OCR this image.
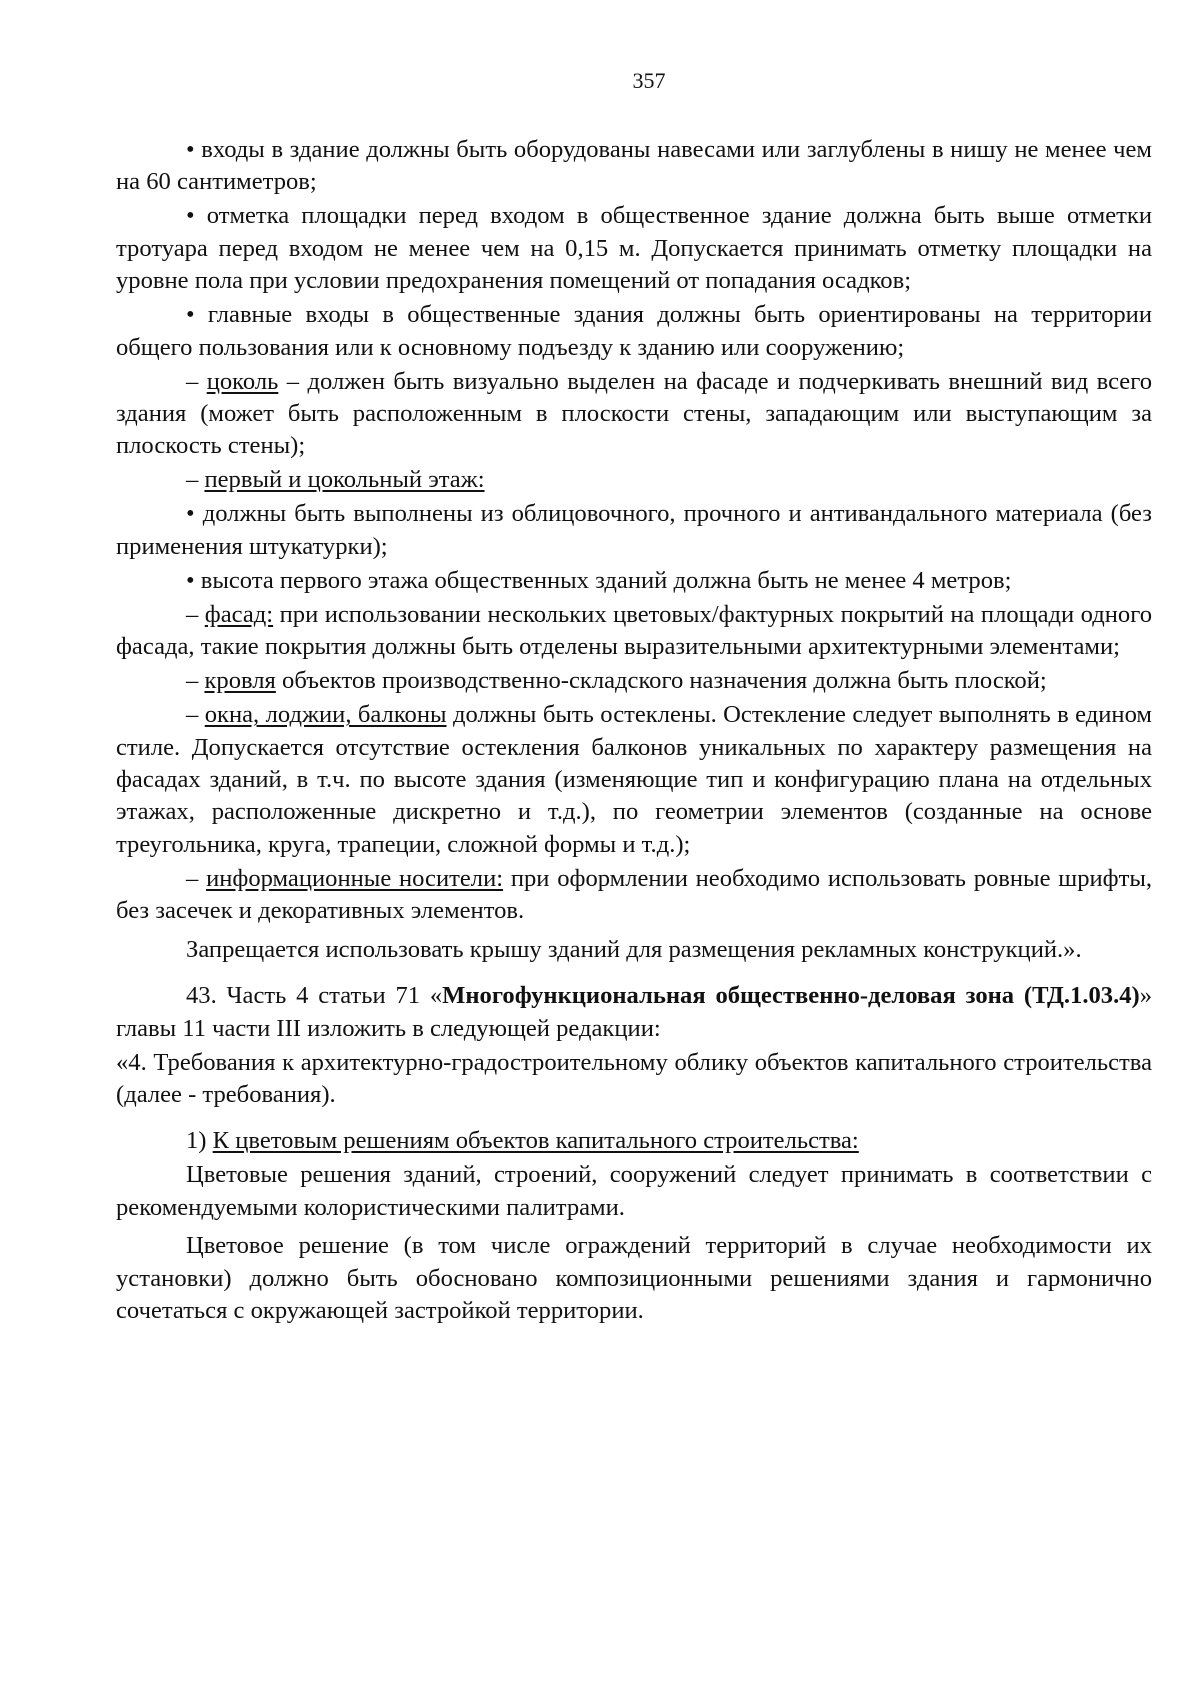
357

• входы в здание должны быть оборудованы навесами или заглублены в нишу не менее чем на 60 сантиметров;

• отметка площадки перед входом в общественное здание должна быть выше отметки тротуара перед входом не менее чем на 0,15 м. Допускается принимать отметку площадки на уровне пола при условии предохранения помещений от попадания осадков;

• главные входы в общественные здания должны быть ориентированы на территории общего пользования или к основному подъезду к зданию или сооружению;

– цоколь – должен быть визуально выделен на фасаде и подчеркивать внешний вид всего здания (может быть расположенным в плоскости стены, западающим или выступающим за плоскость стены);

– первый и цокольный этаж:

• должны быть выполнены из облицовочного, прочного и антивандального материала (без применения штукатурки);

• высота первого этажа общественных зданий должна быть не менее 4 метров;

– фасад: при использовании нескольких цветовых/фактурных покрытий на площади одного фасада, такие покрытия должны быть отделены выразительными архитектурными элементами;

– кровля объектов производственно-складского назначения должна быть плоской;

– окна, лоджии, балконы должны быть остеклены. Остекление следует выполнять в едином стиле. Допускается отсутствие остекления балконов уникальных по характеру размещения на фасадах зданий, в т.ч. по высоте здания (изменяющие тип и конфигурацию плана на отдельных этажах, расположенные дискретно и т.д.), по геометрии элементов (созданные на основе треугольника, круга, трапеции, сложной формы и т.д.);

– информационные носители: при оформлении необходимо использовать ровные шрифты, без засечек и декоративных элементов.

Запрещается использовать крышу зданий для размещения рекламных конструкций.».

43. Часть 4 статьи 71 «Многофункциональная общественно-деловая зона (ТД.1.03.4)» главы 11 части III изложить в следующей редакции:

«4. Требования к архитектурно-градостроительному облику объектов капитального строительства (далее - требования).

1) К цветовым решениям объектов капитального строительства:

Цветовые решения зданий, строений, сооружений следует принимать в соответствии с рекомендуемыми колористическими палитрами.

Цветовое решение (в том числе ограждений территорий в случае необходимости их установки) должно быть обосновано композиционными решениями здания и гармонично сочетаться с окружающей застройкой территории.
